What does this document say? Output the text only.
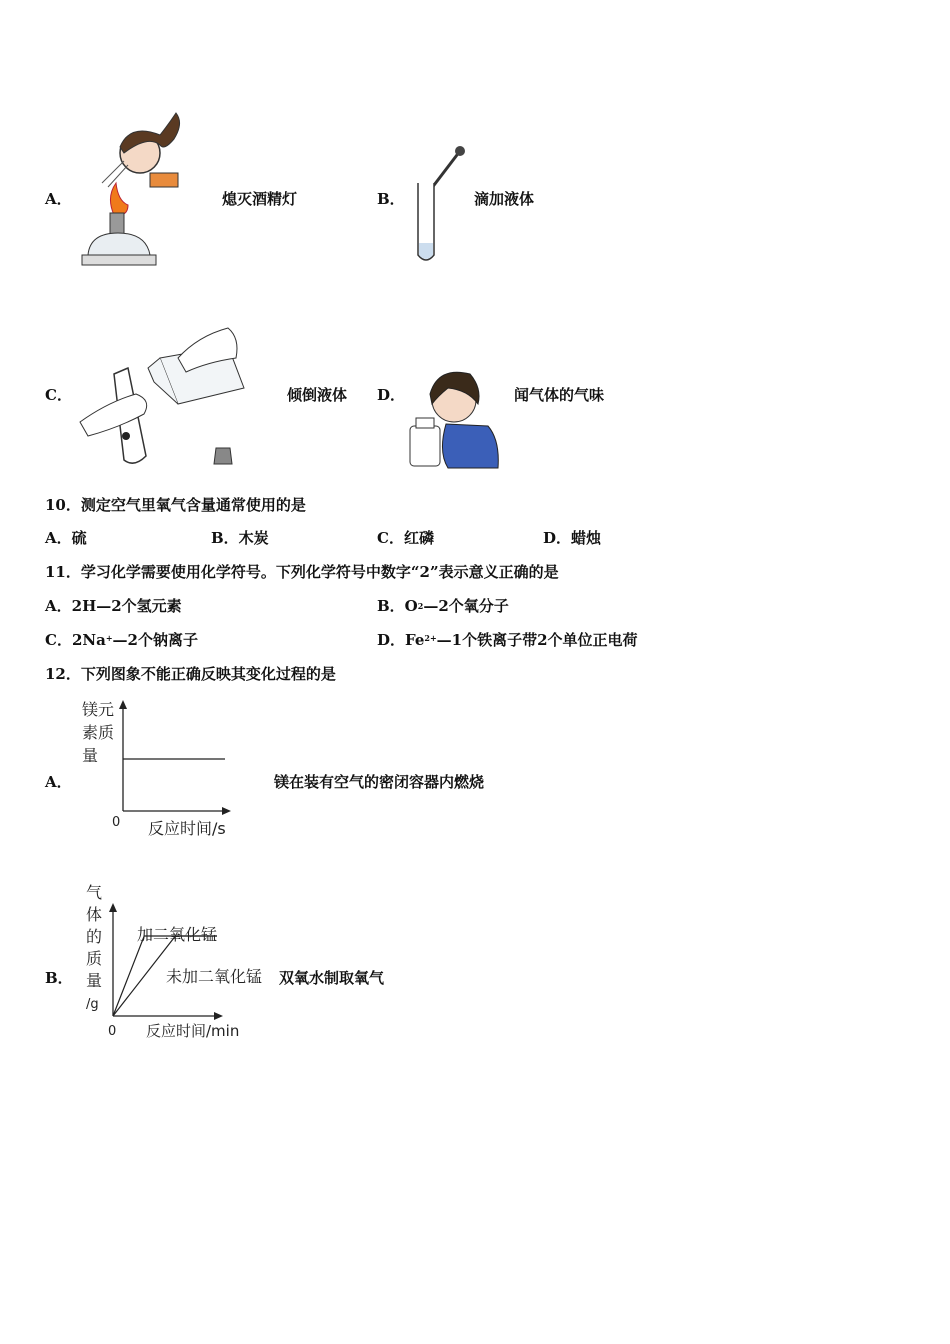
A．	熄灭酒精灯	B．	滴加液体
C．	倾倒液体 D．	闻气体的气味
10．测定空气里氧气含量通常使用的是
A．硫	B．木炭	C．红磷	D．蜡烛
11．学习化学需要使用化学符号。下列化学符号中数字“2”表示意义正确的是
A．2H—2个氢元素	B．O2—2个氧分子
C．2Na+—2个钠离子	D．$Fe^{2+}—1$个铁离子带2个单位正电荷
12．下列图象不能正确反映其变化过程的是
A．
镁元
素质
量
0 反应时间/s
镁在装有空气的密闭容器内燃烧
B．
气
体
的
质
量
/g
0 反应时间/min
加二氧化锰
未加二氧化锰 双氧水制取氧气
